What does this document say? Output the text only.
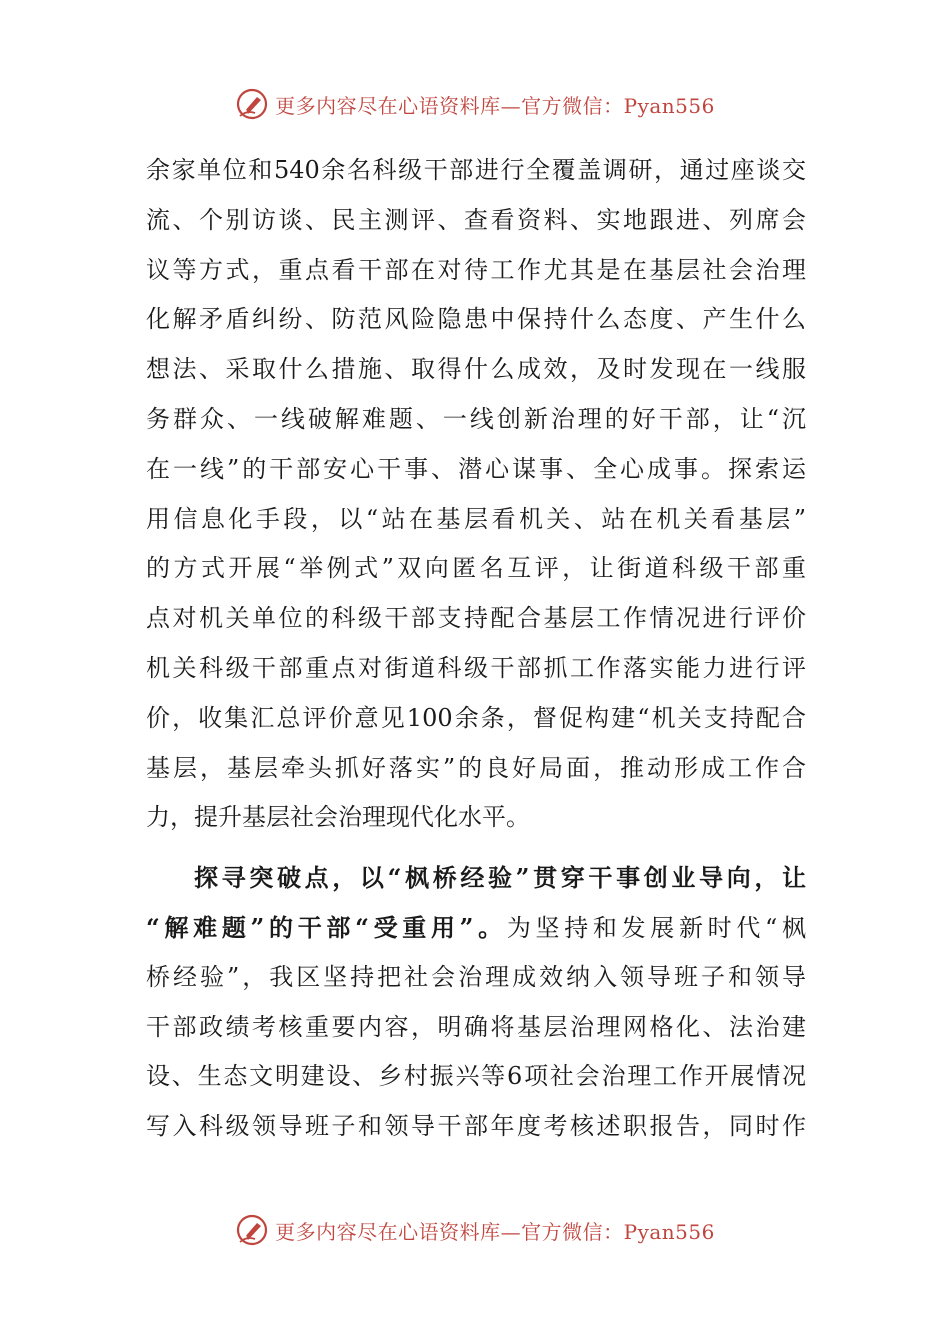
更多内容尽在心语资料库—官方微信：Pyan556
余家单位和540余名科级干部进行全覆盖调研，通过座谈交
流、个别访谈、民主测评、查看资料、实地跟进、列席会
议等方式，重点看干部在对待工作尤其是在基层社会治理
化解矛盾纠纷、防范风险隐患中保持什么态度、产生什么
想法、采取什么措施、取得什么成效，及时发现在一线服
务群众、一线破解难题、一线创新治理的好干部，让“沉
在一线”的干部安心干事、潜心谋事、全心成事。探索运
用信息化手段，以“站在基层看机关、站在机关看基层”
的方式开展“举例式”双向匿名互评，让街道科级干部重
点对机关单位的科级干部支持配合基层工作情况进行评价
机关科级干部重点对街道科级干部抓工作落实能力进行评
价，收集汇总评价意见100余条，督促构建“机关支持配合
基层，基层牵头抓好落实”的良好局面，推动形成工作合
力，提升基层社会治理现代化水平。
探寻突破点，以“枫桥经验”贯穿干事创业导向，让
“解难题”的干部“受重用”。为坚持和发展新时代“枫
桥经验”，我区坚持把社会治理成效纳入领导班子和领导
干部政绩考核重要内容，明确将基层治理网格化、法治建
设、生态文明建设、乡村振兴等6项社会治理工作开展情况
写入科级领导班子和领导干部年度考核述职报告，同时作
更多内容尽在心语资料库—官方微信：Pyan556
